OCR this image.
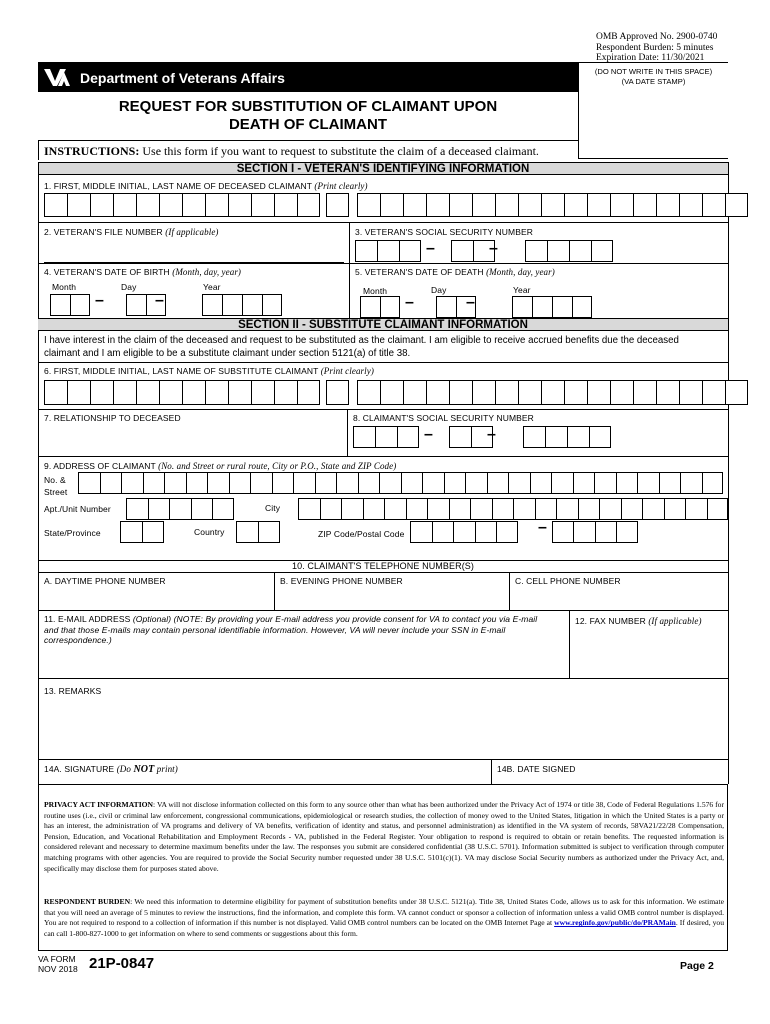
OMB Approved No. 2900-0740
Respondent Burden: 5 minutes
Expiration Date: 11/30/2021
Department of Veterans Affairs	(DO NOT WRITE IN THIS SPACE)
(VA DATE STAMP)
REQUEST FOR SUBSTITUTION OF CLAIMANT UPON
DEATH OF CLAIMANT
INSTRUCTIONS: Use this form if you want to request to substitute the claim of a deceased claimant.
SECTION I - VETERAN'S IDENTIFYING INFORMATION
1. FIRST, MIDDLE INITIAL, LAST NAME OF DECEASED CLAIMANT (Print clearly)
2. VETERAN'S FILE NUMBER (If applicable)	3. VETERAN'S SOCIAL SECURITY NUMBER
–	–
4. VETERAN'S DATE OF BIRTH (Month, day, year)
Month	Day	Year
–	–
5. VETERAN'S DATE OF DEATH (Month, day, year)
Month	Day	Year
–	–
SECTION II - SUBSTITUTE CLAIMANT INFORMATION
I have interest in the claim of the deceased and request to be substituted as the claimant. I am eligible to receive accrued benefits due the deceased
claimant and I am eligible to be a substitute claimant under section 5121(a) of title 38.
6. FIRST, MIDDLE INITIAL, LAST NAME OF SUBSTITUTE CLAIMANT (Print clearly)
7. RELATIONSHIP TO DECEASED	8. CLAIMANT'S SOCIAL SECURITY NUMBER
–	–
9. ADDRESS OF CLAIMANT (No. and Street or rural route, City or P.O., State and ZIP Code)
No. &
Street
Apt./Unit Number	City
State/Province	Country	ZIP Code/Postal Code	–
10. CLAIMANT'S TELEPHONE NUMBER(S)
A. DAYTIME PHONE NUMBER	B. EVENING PHONE NUMBER	C. CELL PHONE NUMBER
11. E-MAIL ADDRESS (Optional) (NOTE: By providing your E-mail address you provide consent for VA to contact you via E-mail
and that those E-mails may contain personal identifiable information. However, VA will never include your SSN in E-mail
correspondence.)
12. FAX NUMBER (If applicable)
13. REMARKS
14A. SIGNATURE (Do NOT print)	14B. DATE SIGNED
PRIVACY ACT INFORMATION: VA will not disclose information collected on this form to any source other than what has been authorized under the Privacy Act of 1974 or title 38, Code of Federal Regulations 1.576 for routine uses (i.e., civil or criminal law enforcement, congressional communications, epidemiological or research studies, the collection of money owed to the United States, litigation in which the United States is a party or has an interest, the administration of VA programs and delivery of VA benefits, verification of identity and status, and personnel administration) as identified in the VA system of records, 58VA21/22/28 Compensation, Pension, Education, and Vocational Rehabilitation and Employment Records - VA, published in the Federal Register. Your obligation to respond is required to obtain or retain benefits. The requested information is considered relevant and necessary to determine maximum benefits under the law. The responses you submit are considered confidential (38 U.S.C. 5701). Information submitted is subject to verification through computer matching programs with other agencies. You are required to provide the Social Security number requested under 38 U.S.C. 5101(c)(1). VA may disclose Social Security numbers as authorized under the Privacy Act, and, specifically may disclose them for purposes stated above.
RESPONDENT BURDEN: We need this information to determine eligibility for payment of substitution benefits under 38 U.S.C. 5121(a). Title 38, United States Code, allows us to ask for this information. We estimate that you will need an average of 5 minutes to review the instructions, find the information, and complete this form. VA cannot conduct or sponsor a collection of information unless a valid OMB control number is displayed. You are not required to respond to a collection of information if this number is not displayed. Valid OMB control numbers can be located on the OMB Internet Page at www.reginfo.gov/public/do/PRAMain. If desired, you can call 1-800-827-1000 to get information on where to send comments or suggestions about this form.
VA FORM
NOV 2018 21P-0847	Page 2
